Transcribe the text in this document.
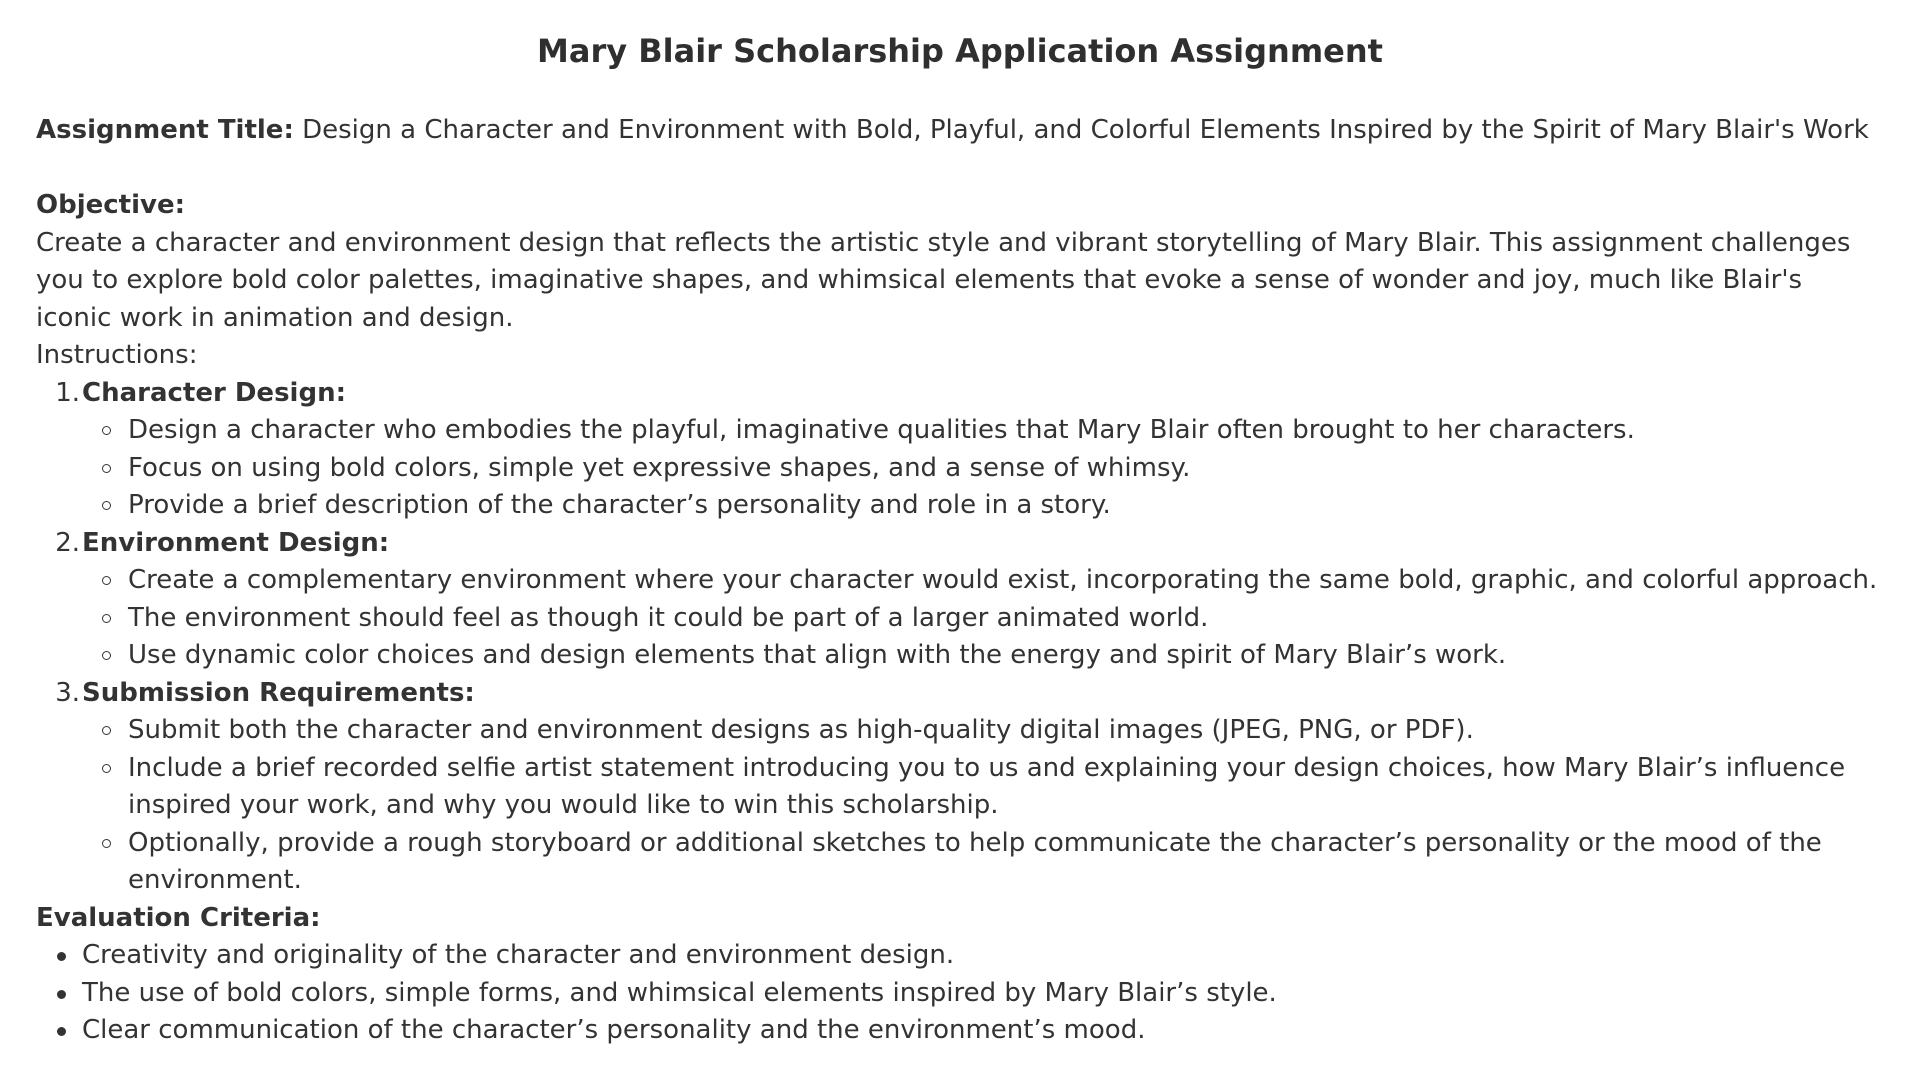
Mary Blair Scholarship Application Assignment

Assignment Title: Design a Character and Environment with Bold, Playful, and Colorful Elements Inspired by the Spirit of Mary Blair's Work

Objective:

Create a character and environment design that reflects the artistic style and vibrant storytelling of Mary Blair. This assignment challenges you to explore bold color palettes, imaginative shapes, and whimsical elements that evoke a sense of wonder and joy, much like Blair's iconic work in animation and design.

Instructions:

1. Character Design:
Design a character who embodies the playful, imaginative qualities that Mary Blair often brought to her characters.
Focus on using bold colors, simple yet expressive shapes, and a sense of whimsy.
Provide a brief description of the character’s personality and role in a story.
2. Environment Design:
Create a complementary environment where your character would exist, incorporating the same bold, graphic, and colorful approach.
The environment should feel as though it could be part of a larger animated world.
Use dynamic color choices and design elements that align with the energy and spirit of Mary Blair’s work.
3. Submission Requirements:
Submit both the character and environment designs as high-quality digital images (JPEG, PNG, or PDF).
Include a brief recorded selfie artist statement introducing you to us and explaining your design choices, how Mary Blair’s influence inspired your work, and why you would like to win this scholarship.
Optionally, provide a rough storyboard or additional sketches to help communicate the character’s personality or the mood of the environment.

Evaluation Criteria:

Creativity and originality of the character and environment design.
The use of bold colors, simple forms, and whimsical elements inspired by Mary Blair’s style.
Clear communication of the character’s personality and the environment’s mood.
